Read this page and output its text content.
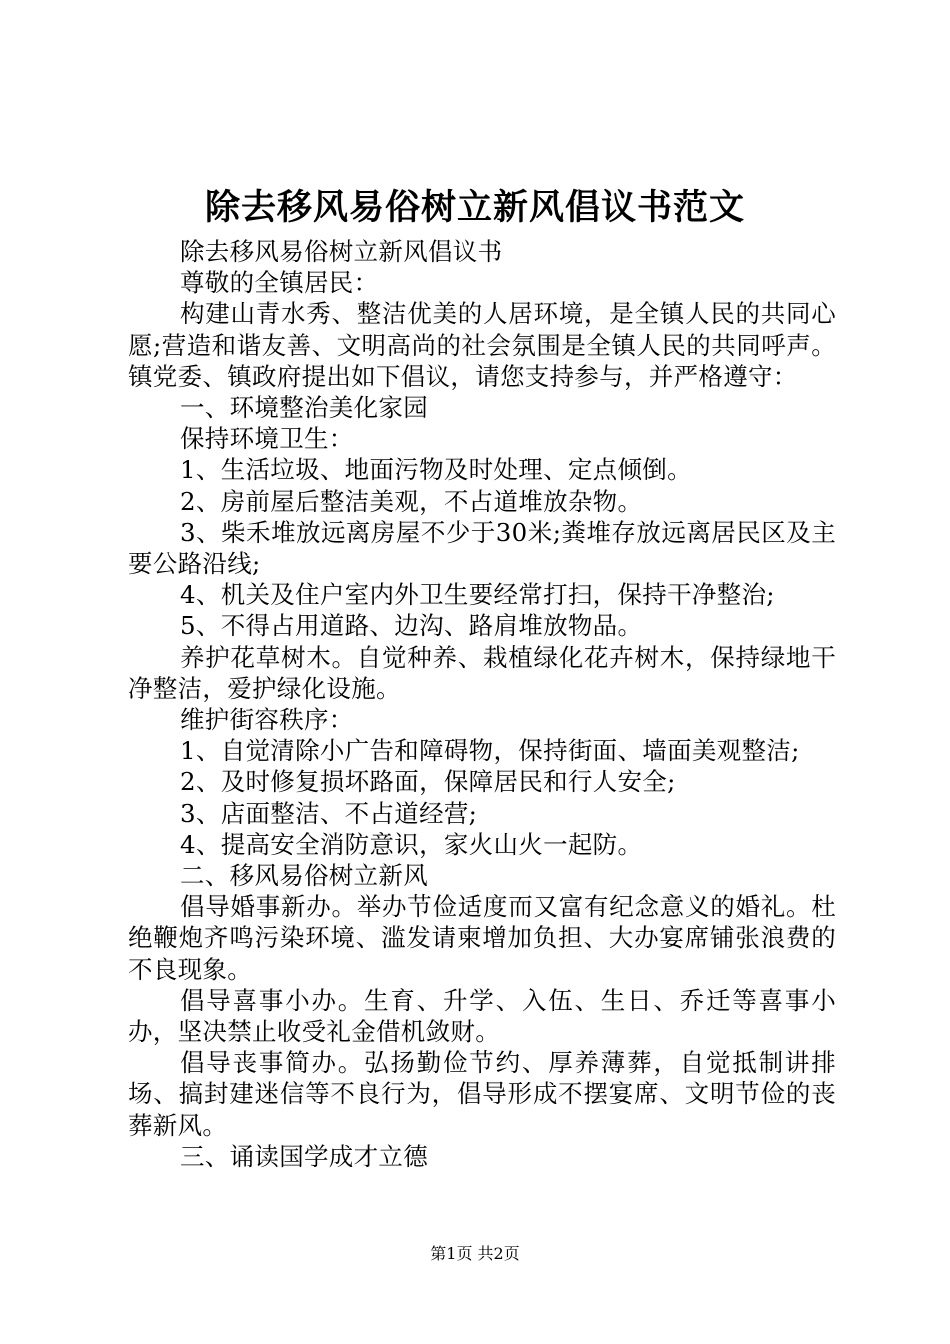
除去移风易俗树立新风倡议书范文

除去移风易俗树立新风倡议书

尊敬的全镇居民：

构建山青水秀、整洁优美的人居环境，是全镇人民的共同心愿;营造和谐友善、文明高尚的社会氛围是全镇人民的共同呼声。镇党委、镇政府提出如下倡议，请您支持参与，并严格遵守：

一、环境整治美化家园

保持环境卫生：

1、生活垃圾、地面污物及时处理、定点倾倒。

2、房前屋后整洁美观，不占道堆放杂物。

3、柴禾堆放远离房屋不少于30米;粪堆存放远离居民区及主要公路沿线;

4、机关及住户室内外卫生要经常打扫，保持干净整治;

5、不得占用道路、边沟、路肩堆放物品。

养护花草树木。自觉种养、栽植绿化花卉树木，保持绿地干净整洁，爱护绿化设施。

维护街容秩序：

1、自觉清除小广告和障碍物，保持街面、墙面美观整洁;

2、及时修复损坏路面，保障居民和行人安全;

3、店面整洁、不占道经营;

4、提高安全消防意识，家火山火一起防。

二、移风易俗树立新风

倡导婚事新办。举办节俭适度而又富有纪念意义的婚礼。杜绝鞭炮齐鸣污染环境、滥发请柬增加负担、大办宴席铺张浪费的不良现象。

倡导喜事小办。生育、升学、入伍、生日、乔迁等喜事小办，坚决禁止收受礼金借机敛财。

倡导丧事简办。弘扬勤俭节约、厚养薄葬，自觉抵制讲排场、搞封建迷信等不良行为，倡导形成不摆宴席、文明节俭的丧葬新风。

三、诵读国学成才立德

第1页 共2页
